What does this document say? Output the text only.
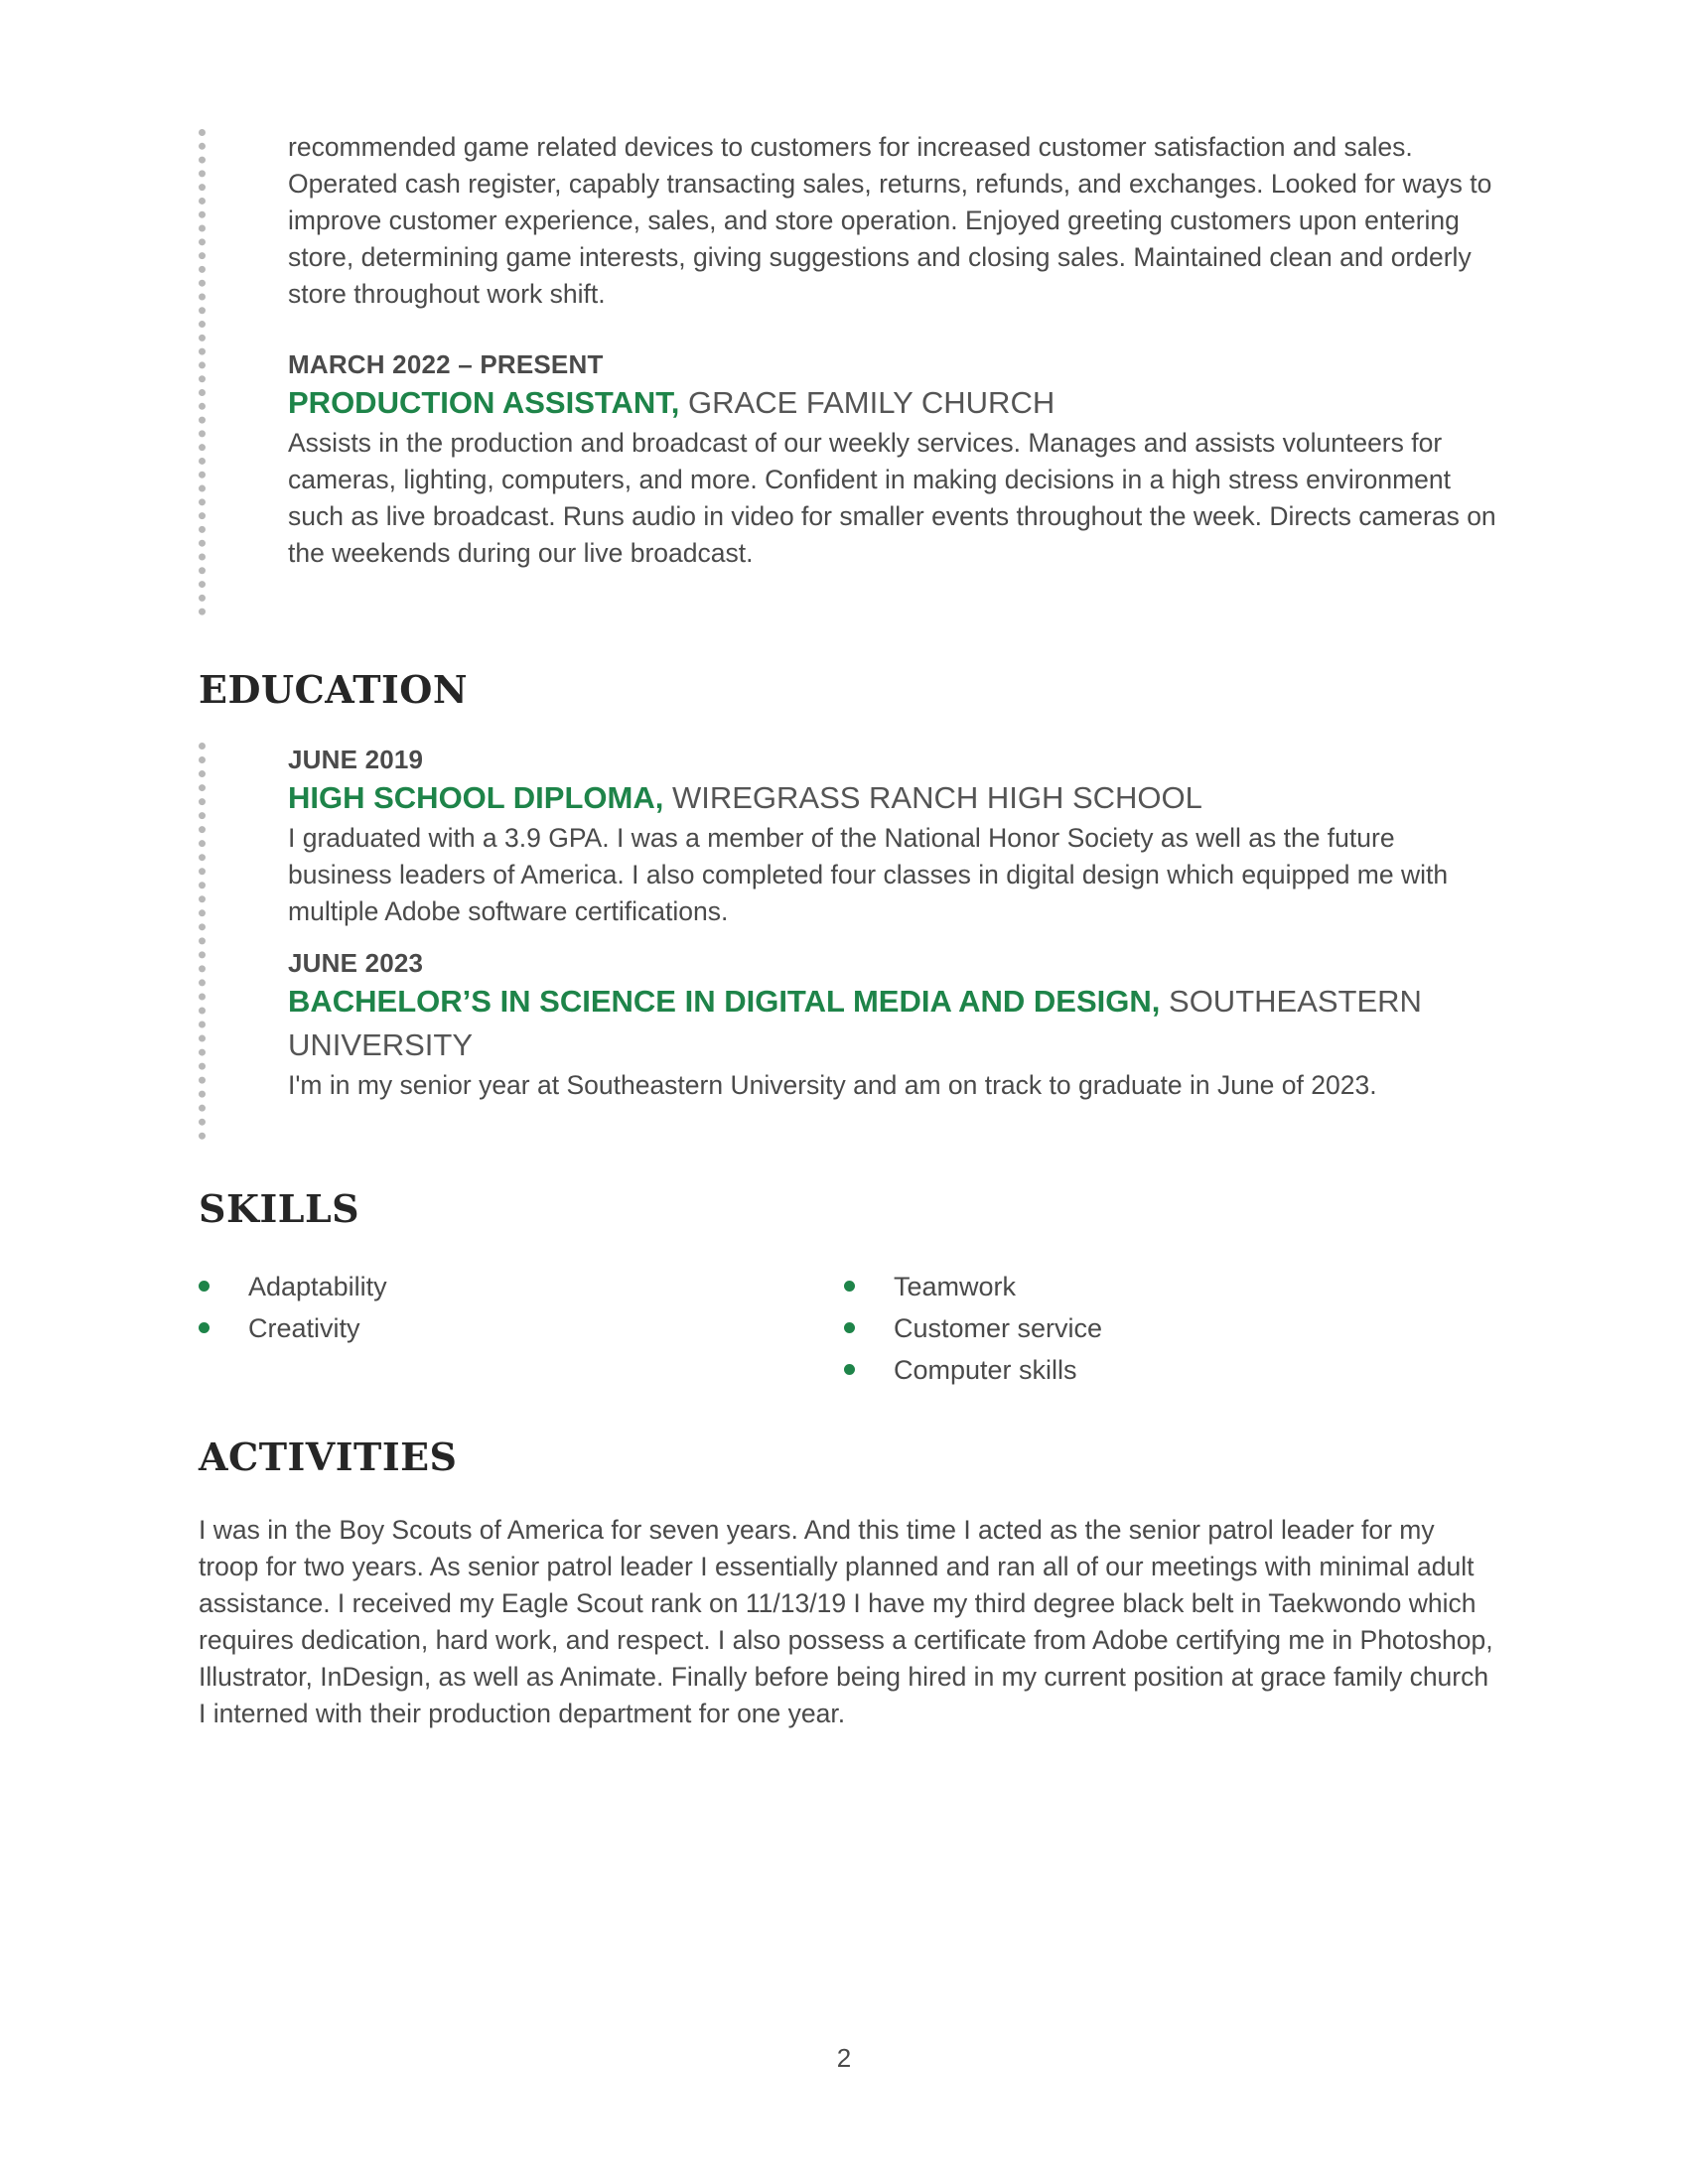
recommended game related devices to customers for increased customer satisfaction and sales. Operated cash register, capably transacting sales, returns, refunds, and exchanges. Looked for ways to improve customer experience, sales, and store operation. Enjoyed greeting customers upon entering store, determining game interests, giving suggestions and closing sales. Maintained clean and orderly store throughout work shift.

MARCH 2022 – PRESENT

PRODUCTION ASSISTANT, GRACE FAMILY CHURCH

Assists in the production and broadcast of our weekly services. Manages and assists volunteers for cameras, lighting, computers, and more. Confident in making decisions in a high stress environment such as live broadcast. Runs audio in video for smaller events throughout the week. Directs cameras on the weekends during our live broadcast.

EDUCATION

JUNE 2019

HIGH SCHOOL DIPLOMA, WIREGRASS RANCH HIGH SCHOOL

I graduated with a 3.9 GPA. I was a member of the National Honor Society as well as the future business leaders of America. I also completed four classes in digital design which equipped me with multiple Adobe software certifications.

JUNE 2023

BACHELOR’S IN SCIENCE IN DIGITAL MEDIA AND DESIGN, SOUTHEASTERN UNIVERSITY

I'm in my senior year at Southeastern University and am on track to graduate in June of 2023.

SKILLS
Adaptability
Creativity
Teamwork
Customer service
Computer skills
ACTIVITIES

I was in the Boy Scouts of America for seven years. And this time I acted as the senior patrol leader for my troop for two years. As senior patrol leader I essentially planned and ran all of our meetings with minimal adult assistance. I received my Eagle Scout rank on 11/13/19 I have my third degree black belt in Taekwondo which requires dedication, hard work, and respect. I also possess a certificate from Adobe certifying me in Photoshop, Illustrator, InDesign, as well as Animate. Finally before being hired in my current position at grace family church I interned with their production department for one year.

2
